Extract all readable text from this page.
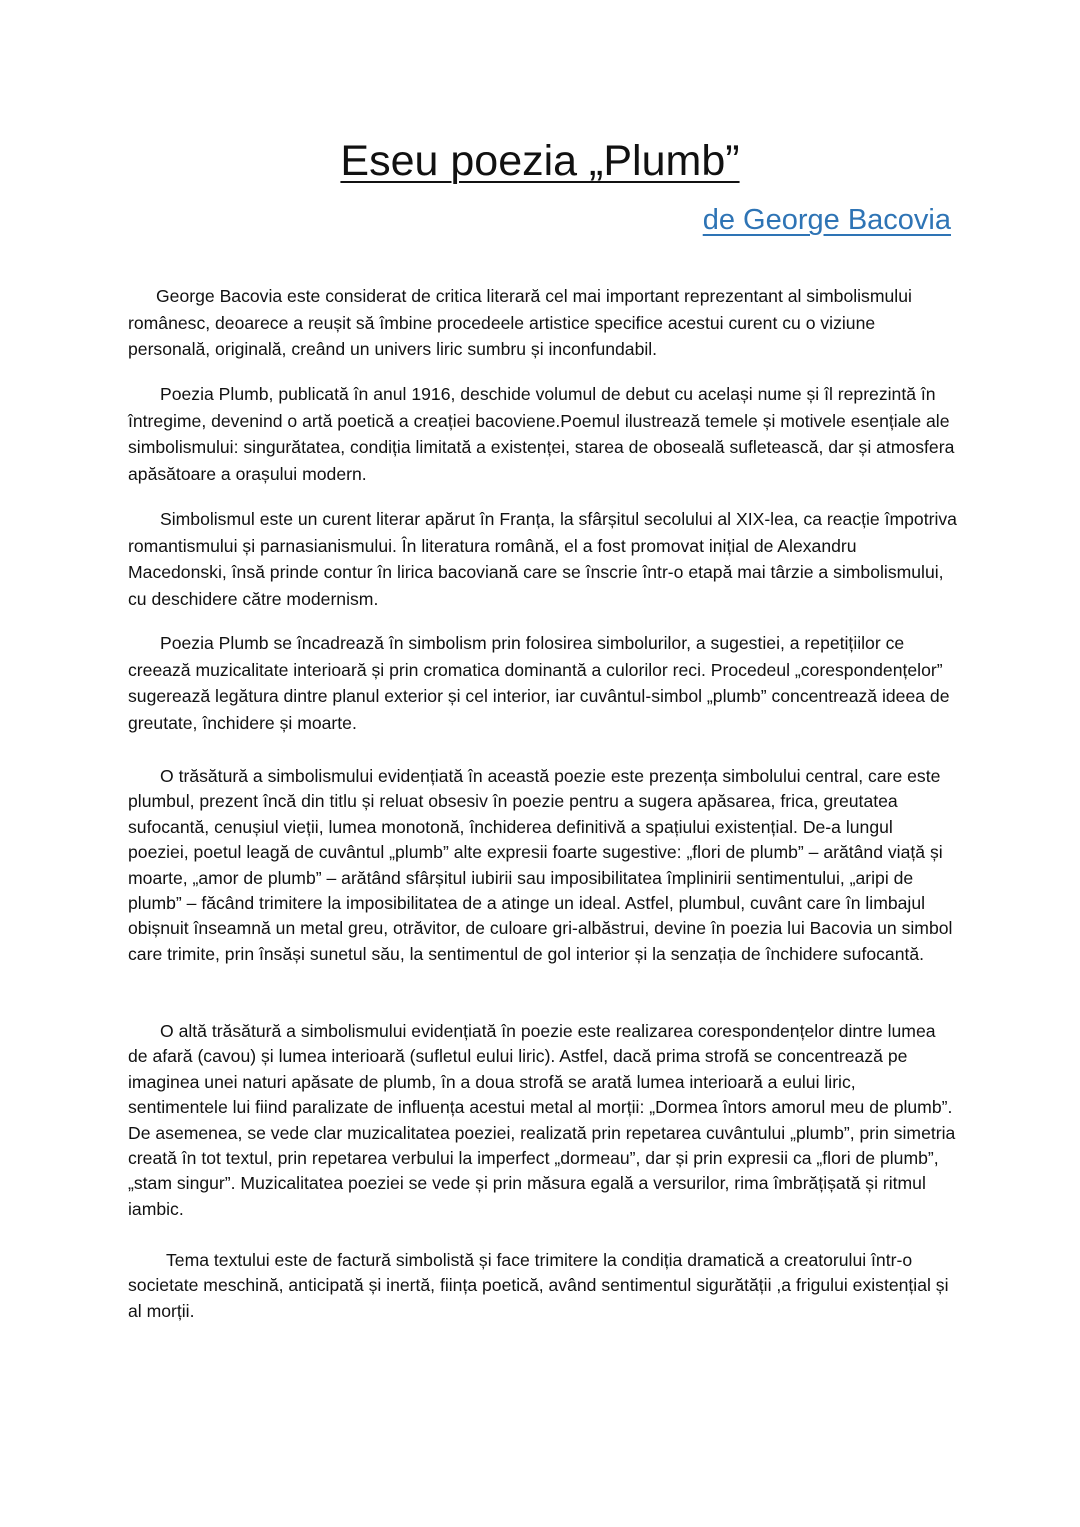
Eseu poezia „Plumb”
de George Bacovia

George Bacovia este considerat de critica literară cel mai important reprezentant al simbolismului românesc, deoarece a reușit să îmbine procedeele artistice specifice acestui curent cu o viziune personală, originală, creând un univers liric sumbru și inconfundabil.

Poezia Plumb, publicată în anul 1916, deschide volumul de debut cu același nume și îl reprezintă în întregime, devenind o artă poetică a creației bacoviene.Poemul ilustrează temele și motivele esențiale ale simbolismului: singurătatea, condiția limitată a existenței, starea de oboseală sufletească, dar și atmosfera apăsătoare a orașului modern.

Simbolismul este un curent literar apărut în Franța, la sfârșitul secolului al XIX-lea, ca reacție împotriva romantismului și parnasianismului. În literatura română, el a fost promovat inițial de Alexandru Macedonski, însă prinde contur în lirica bacoviană care se înscrie într-o etapă mai târzie a simbolismului, cu deschidere către modernism.

Poezia Plumb se încadrează în simbolism prin folosirea simbolurilor, a sugestiei, a repetițiilor ce creează muzicalitate interioară și prin cromatica dominantă a culorilor reci. Procedeul „corespondențelor” sugerează legătura dintre planul exterior și cel interior, iar cuvântul-simbol „plumb” concentrează ideea de greutate, închidere și moarte.

O trăsătură a simbolismului evidențiată în această poezie este prezența simbolului central, care este plumbul, prezent încă din titlu și reluat obsesiv în poezie pentru a sugera apăsarea, frica, greutatea sufocantă, cenușiul vieții, lumea monotonă, închiderea definitivă a spațiului existențial. De-a lungul poeziei, poetul leagă de cuvântul „plumb” alte expresii foarte sugestive: „flori de plumb” – arătând viață și moarte, „amor de plumb” – arătând sfârșitul iubirii sau imposibilitatea împlinirii sentimentului, „aripi de plumb” – făcând trimitere la imposibilitatea de a atinge un ideal. Astfel, plumbul, cuvânt care în limbajul obișnuit înseamnă un metal greu, otrăvitor, de culoare gri-albăstrui, devine în poezia lui Bacovia un simbol care trimite, prin însăși sunetul său, la sentimentul de gol interior și la senzația de închidere sufocantă.

O altă trăsătură a simbolismului evidențiată în poezie este realizarea corespondențelor dintre lumea de afară (cavou) și lumea interioară (sufletul eului liric). Astfel, dacă prima strofă se concentrează pe imaginea unei naturi apăsate de plumb, în a doua strofă se arată lumea interioară a eului liric, sentimentele lui fiind paralizate de influența acestui metal al morții: „Dormea întors amorul meu de plumb”. De asemenea, se vede clar muzicalitatea poeziei, realizată prin repetarea cuvântului „plumb”, prin simetria creată în tot textul, prin repetarea verbului la imperfect „dormeau”, dar și prin expresii ca „flori de plumb”, „stam singur”. Muzicalitatea poeziei se vede și prin măsura egală a versurilor, rima îmbrățișată și ritmul iambic.

Tema textului este de factură simbolistă și face trimitere la condiția dramatică a creatorului într-o societate meschină, anticipată și inertă, ființa poetică, având sentimentul sigurătății ,a frigului existențial și al morții.
